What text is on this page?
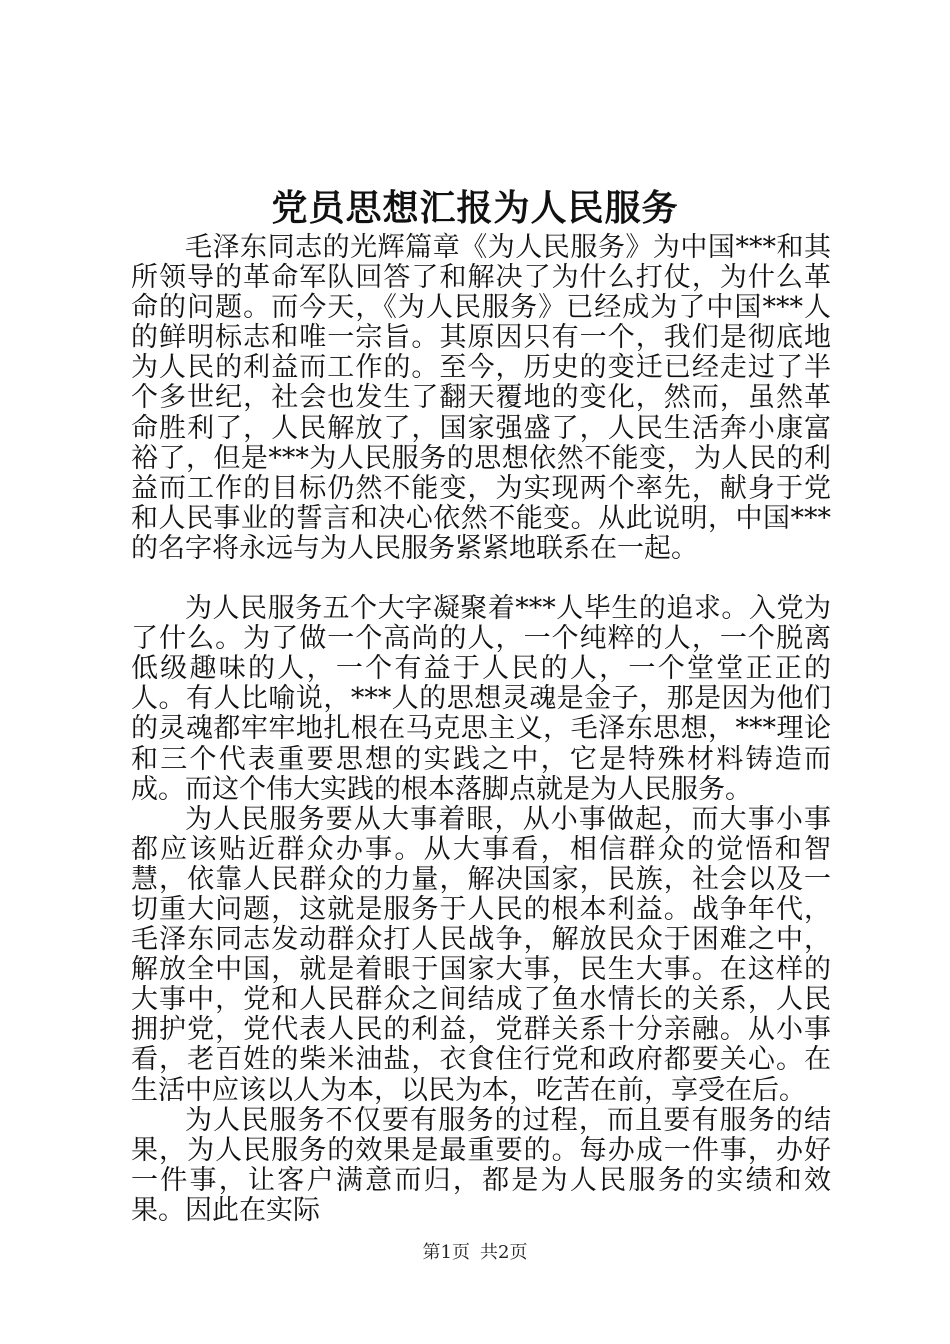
党员思想汇报为人民服务

毛泽东同志的光辉篇章《为人民服务》为中国***和其所领导的革命军队回答了和解决了为什么打仗，为什么革命的问题。而今天，《为人民服务》已经成为了中国***人的鲜明标志和唯一宗旨。其原因只有一个，我们是彻底地为人民的利益而工作的。至今，历史的变迁已经走过了半个多世纪，社会也发生了翻天覆地的变化，然而，虽然革命胜利了，人民解放了，国家强盛了，人民生活奔小康富裕了，但是***为人民服务的思想依然不能变，为人民的利益而工作的目标仍然不能变，为实现两个率先，献身于党和人民事业的誓言和决心依然不能变。从此说明，中国***的名字将永远与为人民服务紧紧地联系在一起。

为人民服务五个大字凝聚着***人毕生的追求。入党为了什么。为了做一个高尚的人，一个纯粹的人，一个脱离低级趣味的人，一个有益于人民的人，一个堂堂正正的人。有人比喻说，***人的思想灵魂是金子，那是因为他们的灵魂都牢牢地扎根在马克思主义，毛泽东思想，***理论和三个代表重要思想的实践之中，它是特殊材料铸造而成。而这个伟大实践的根本落脚点就是为人民服务。

为人民服务要从大事着眼，从小事做起，而大事小事都应该贴近群众办事。从大事看，相信群众的觉悟和智慧，依靠人民群众的力量，解决国家，民族，社会以及一切重大问题，这就是服务于人民的根本利益。战争年代，毛泽东同志发动群众打人民战争，解放民众于困难之中，解放全中国，就是着眼于国家大事，民生大事。在这样的大事中，党和人民群众之间结成了鱼水情长的关系，人民拥护党，党代表人民的利益，党群关系十分亲融。从小事看，老百姓的柴米油盐，衣食住行党和政府都要关心。在生活中应该以人为本，以民为本，吃苦在前，享受在后。

为人民服务不仅要有服务的过程，而且要有服务的结果，为人民服务的效果是最重要的。每办成一件事，办好一件事，让客户满意而归，都是为人民服务的实绩和效果。因此在实际

第1页 共2页
